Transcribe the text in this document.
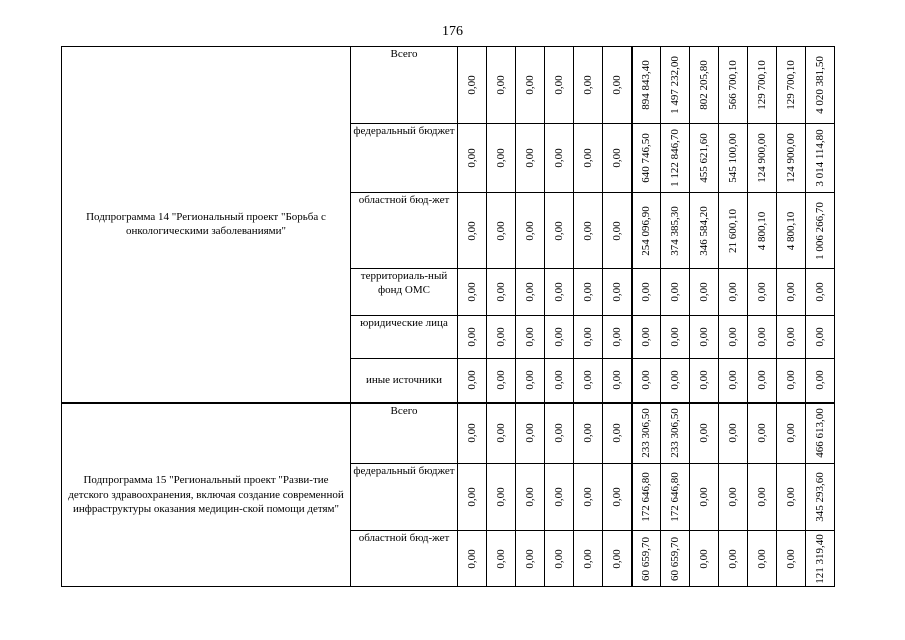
176
Подпрограмма 14 "Региональный проект "Борьба с онкологическими заболеваниями"	Всего	0,00	0,00	0,00	0,00	0,00	0,00	894 843,40	1 497 232,00	802 205,80	566 700,10	129 700,10	129 700,10	4 020 381,50

	федеральный бюджет	0,00	0,00	0,00	0,00	0,00	0,00	640 746,50	1 122 846,70	455 621,60	545 100,00	124 900,00	124 900,00	3 014 114,80

	областной бюд-жет	0,00	0,00	0,00	0,00	0,00	0,00	254 096,90	374 385,30	346 584,20	21 600,10	4 800,10	4 800,10	1 006 266,70

	территориаль-ный фонд ОМС	0,00	0,00	0,00	0,00	0,00	0,00	0,00	0,00	0,00	0,00	0,00	0,00	0,00

	юридические лица	0,00	0,00	0,00	0,00	0,00	0,00	0,00	0,00	0,00	0,00	0,00	0,00	0,00

	иные источники	0,00	0,00	0,00	0,00	0,00	0,00	0,00	0,00	0,00	0,00	0,00	0,00	0,00

Подпрограмма 15 "Региональный проект "Разви-тие детского здравоохранения, включая создание современной инфраструктуры оказания медицин-ской помощи детям"	Всего	0,00	0,00	0,00	0,00	0,00	0,00	233 306,50	233 306,50	0,00	0,00	0,00	0,00	466 613,00

	федеральный бюджет	0,00	0,00	0,00	0,00	0,00	0,00	172 646,80	172 646,80	0,00	0,00	0,00	0,00	345 293,60

	областной бюд-жет	0,00	0,00	0,00	0,00	0,00	0,00	60 659,70	60 659,70	0,00	0,00	0,00	0,00	121 319,40
